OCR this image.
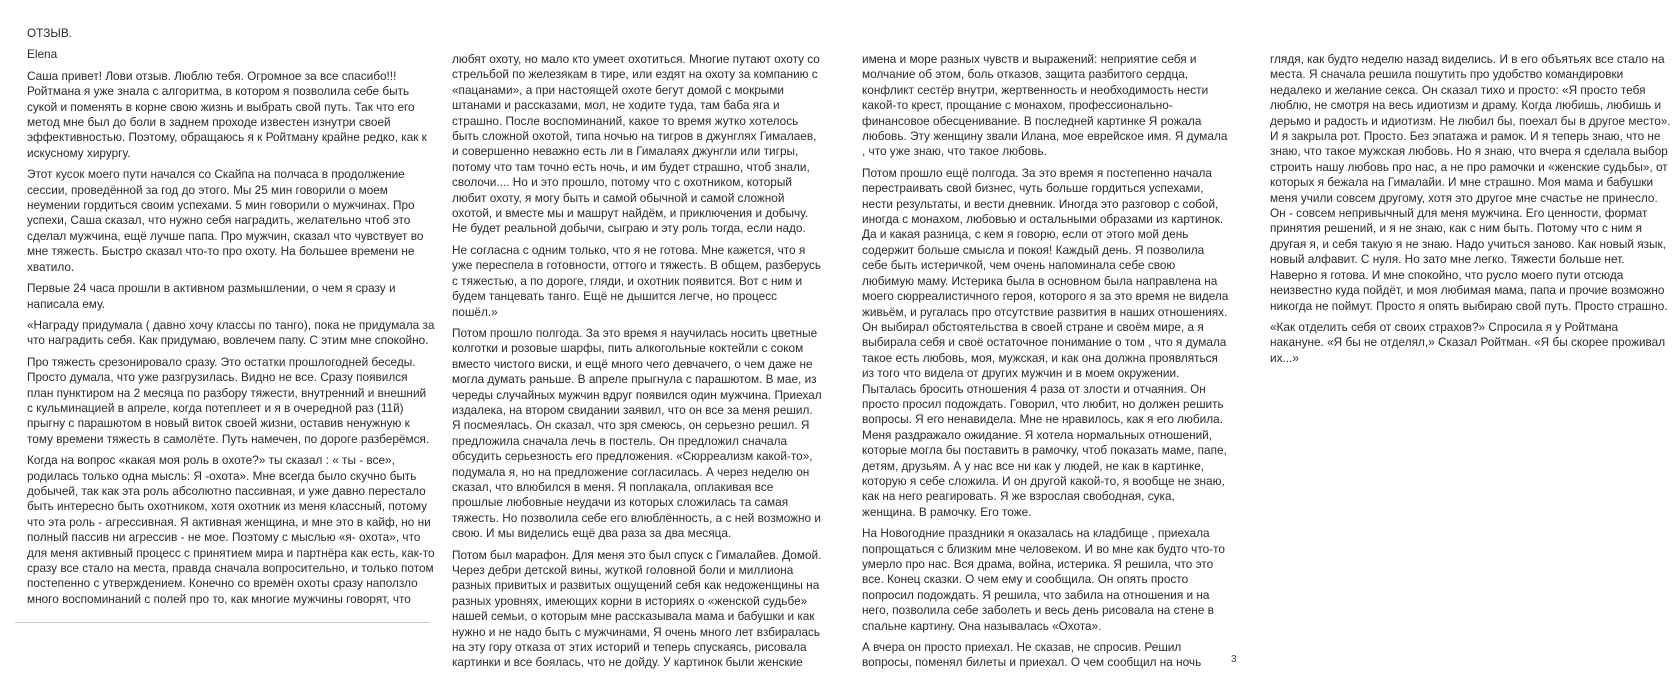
ОТЗЫВ.

Elena

Саша привет! Лови отзыв. Люблю тебя. Огромное за все спасибо!!! Ройтмана я уже знала с алгоритма, в котором я позволила себе быть сукой и поменять в корне свою жизнь и выбрать свой путь. Так что его метод мне был до боли в заднем проходе известен изнутри своей эффективностью. Поэтому, обращаюсь я к Ройтману крайне редко, как к искусному хирургу.

Этот кусок моего пути начался со Скайпа на полчаса в продолжение сессии, проведённой за год до этого. Мы 25 мин говорили о моем неумении гордиться своим успехами. 5 мин говорили о мужчинах. Про успехи, Саша сказал, что нужно себя наградить, желательно чтоб это сделал мужчина, ещё лучше папа. Про мужчин, сказал что чувствует во мне тяжесть. Быстро сказал что-то про охоту. На большее времени не хватило.

Первые 24 часа прошли в активном размышлении, о чем я сразу и написала ему.

«Награду придумала ( давно хочу классы по танго), пока не придумала за что наградить себя. Как придумаю, вовлечем папу. С этим мне спокойно.

Про тяжесть срезонировало сразу. Это остатки прошлогодней беседы. Просто думала, что уже разгрузилась. Видно не все. Сразу появился план пунктиром на 2 месяца по разбору тяжести, внутренний и внешний с кульминацией в апреле, когда потеплеет и я в очередной раз (11й) прыгну с парашютом в новый виток своей жизни, оставив ненужную к тому времени тяжесть в самолёте. Путь намечен, по дороге разберёмся.

Когда на вопрос «какая моя роль в охоте?» ты сказал : « ты - все», родилась только одна мысль: Я -охота». Мне всегда было скучно быть добычей, так как эта роль абсолютно пассивная, и уже давно перестало быть интересно быть охотником, хотя охотник из меня классный, потому что эта роль - агрессивная. Я активная женщина, и мне это в кайф, но ни полный пассив ни агрессив - не мое. Поэтому с мыслью «я- охота», что для меня активный процесс с принятием мира и партнёра как есть, как-то сразу все стало на места, правда сначала вопросительно, и только потом постепенно с утверждением. Конечно со времён охоты сразу наползло много воспоминаний с полей про то, как многие мужчины говорят, что

любят охоту, но мало кто умеет охотиться. Многие путают охоту со стрельбой по железякам в тире, или ездят на охоту за компанию с «пацанами», а при настоящей охоте бегут домой с мокрыми штанами и рассказами, мол, не ходите туда, там баба яга и страшно. После воспоминаний, какое то время жутко хотелось быть сложной охотой, типа ночью на тигров в джунглях Гималаев, и совершенно неважно есть ли в Гималаях джунгли или тигры, потому что там точно есть ночь, и им будет страшно, чтоб знали, сволочи.... Но и это прошло, потому что с охотником, который любит охоту, я могу быть и самой обычной и самой сложной охотой, и вместе мы и машрут найдём, и приключения и добычу. Не будет реальной добычи, сыграю и эту роль тогда, если надо.

Не согласна с одним только, что я не готова. Мне кажется, что я уже переспела в готовности, оттого и тяжесть. В общем, разберусь с тяжестью, а по дороге, гляди, и охотник появится. Вот с ним и будем танцевать танго. Ещё не дышится легче, но процесс пошёл.»

Потом прошло полгода. За это время я научилась носить цветные колготки и розовые шарфы, пить алкогольные коктейли с соком вместо чистого виски, и ещё много чего девчачего, о чем даже не могла думать раньше. В апреле прыгнула с парашютом. В мае, из череды случайных мужчин вдруг появился один мужчина. Приехал издалека, на втором свидании заявил, что он все за меня решил. Я посмеялась. Он сказал, что зря смеюсь, он серьезно решил. Я предложила сначала лечь в постель. Он предложил сначала обсудить серьезность его предложения. «Сюрреализм какой-то», подумала я, но на предложение согласилась. А через неделю он сказал, что влюбился в меня. Я поплакала, оплакивая все прошлые любовные неудачи из которых сложилась та самая тяжесть. Но позволила себе его влюблённость, а с ней возможно и свою. И мы виделись ещё два раза за два месяца.

Потом был марафон. Для меня это был спуск с Гималайев. Домой. Через дебри детской вины, жуткой головной боли и миллиона разных привитых и развитых ощущений себя как недоженщины на разных уровнях, имеющих корни в историях о «женской судьбе» нашей семьи, о которым мне рассказывала мама и бабушки и как нужно и не надо быть с мужчинами, Я очень много лет взбиралась на эту гору отказа от этих историй и теперь спускаясь, рисовала картинки и все боялась, что не дойду. У картинок были женские

имена и море разных чувств и выражений: неприятие себя и молчание об этом, боль отказов, защита разбитого сердца, конфликт сестёр внутри, жертвенность и необходимость нести какой-то крест, прощание с монахом, профессионально-финансовое обесценивание. В последней картинке Я рожала любовь. Эту женщину звали Илана, мое еврейское имя. Я думала , что уже знаю, что такое любовь.

Потом прошло ещё полгода. За это время я постепенно начала перестраивать свой бизнес, чуть больше гордиться успехами, нести результаты, и вести дневник. Иногда это разговор с собой, иногда с монахом, любовью и остальными образами из картинок. Да и какая разница, с кем я говорю, если от этого мой день содержит больше смысла и покоя! Каждый день. Я позволила себе быть истеричкой, чем очень напоминала себе свою любимую маму. Истерика была в основном была направлена на моего сюрреалистичного героя, которого я за это время не видела живьём, и ругалась про отсутствие развития в наших отношениях. Он выбирал обстоятельства в своей стране и своём мире, а я выбирала себя и своё остаточное понимание о том , что я думала такое есть любовь, моя, мужская, и как она должна проявляться из того что видела от других мужчин и в моем окружении. Пыталась бросить отношения 4 раза от злости и отчаяния. Он просто просил подождать. Говорил, что любит, но должен решить вопросы. Я его ненавидела. Мне не нравилось, как я его любила. Меня раздражало ожидание. Я хотела нормальных отношений, которые могла бы поставить в рамочку, чтоб показать маме, папе, детям, друзьям. А у нас все ни как у людей, не как в картинке, которую я себе сложила. И он другой какой-то, я вообще не знаю, как на него реагировать. Я же взрослая свободная, сука, женщина. В рамочку. Его тоже.

На Новогодние праздники я оказалась на кладбище , приехала попрощаться с близким мне человеком. И во мне как будто что-то умерло про нас. Вся драма, война, истерика. Я решила, что это все. Конец сказки. О чем ему и сообщила. Он опять просто попросил подождать. Я решила, что забила на отношения и на него, позволила себе заболеть и весь день рисовала на стене в спальне картину. Она называлась «Охота».

А вчера он просто приехал. Не сказав, не спросив. Решил вопросы, поменял билеты и приехал. О чем сообщил на ночь

глядя, как будто неделю назад виделись. И в его объятьях все стало на места. Я сначала решила пошутить про удобство командировки недалеко и желание секса. Он сказал тихо и просто: «Я просто тебя люблю, не смотря на весь идиотизм и драму. Когда любишь, любишь и дерьмо и радость и идиотизм. Не любил бы, поехал бы в другое место». И я закрыла рот. Просто. Без эпатажа и рамок. И я теперь знаю, что не знаю, что такое мужская любовь. Но я знаю, что вчера я сделала выбор строить нашу любовь про нас, а не про рамочки и «женские судьбы», от которых я бежала на Гималайи. И мне страшно. Моя мама и бабушки меня учили совсем другому, хотя это другое мне счастье не принесло. Он - совсем непривычный для меня мужчина. Его ценности, формат принятия решений, и я не знаю, как с ним быть. Потому что с ним я другая я, и себя такую я не знаю. Надо учиться заново. Как новый язык, новый алфавит. С нуля. Но зато мне легко. Тяжести больше нет. Наверно я готова. И мне спокойно, что русло моего пути отсюда неизвестно куда пойдёт, и моя любимая мама, папа и прочие возможно никогда не поймут. Просто я опять выбираю свой путь. Просто страшно.

«Как отделить себя от своих страхов?» Спросила я у Ройтмана накануне. «Я бы не отделял,» Сказал Ройтман. «Я бы скорее проживал их...»

3
